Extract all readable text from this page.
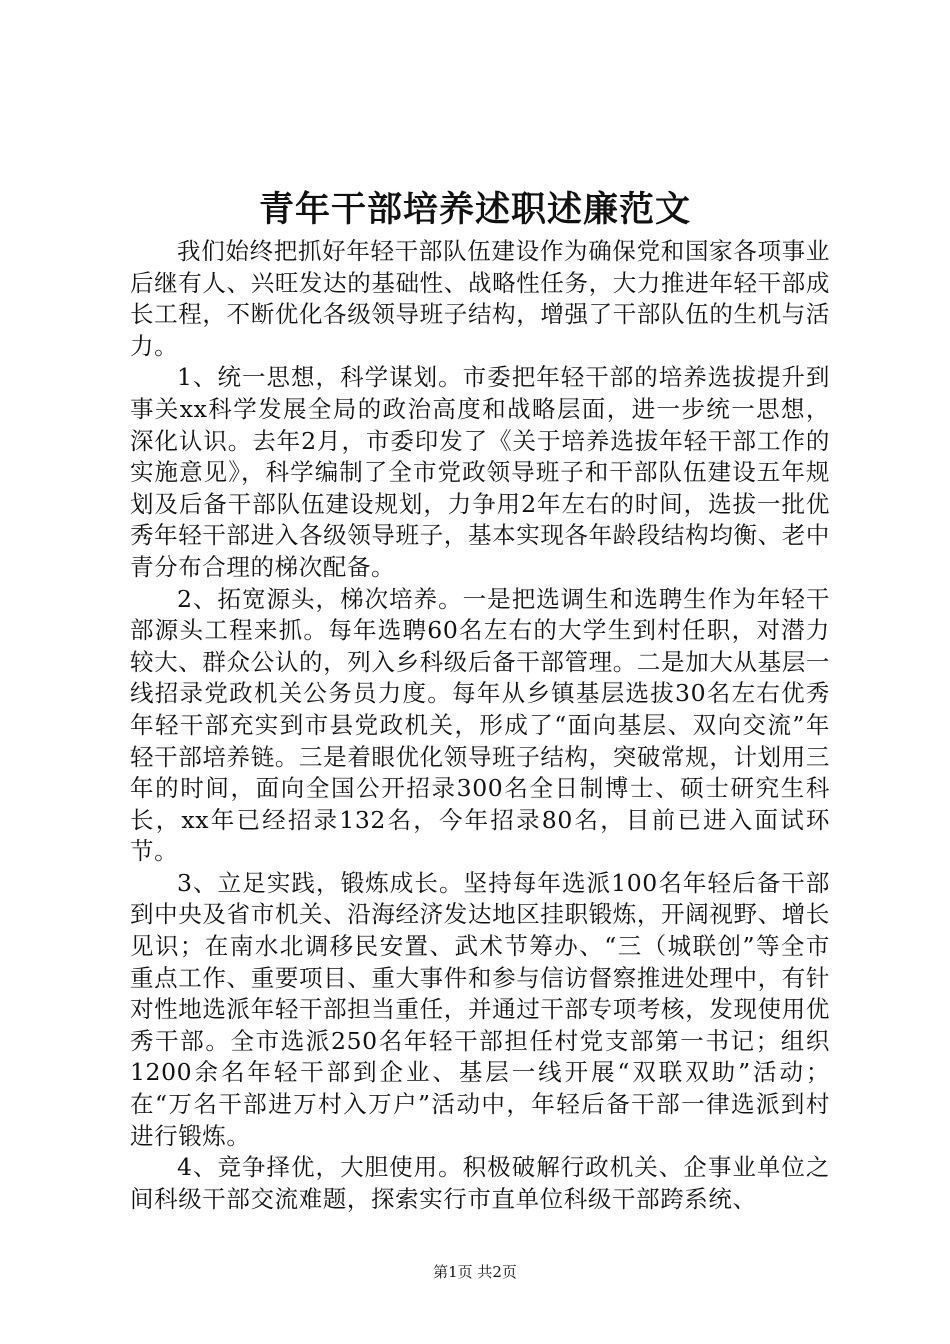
青年干部培养述职述廉范文

我们始终把抓好年轻干部队伍建设作为确保党和国家各项事业后继有人、兴旺发达的基础性、战略性任务，大力推进年轻干部成长工程，不断优化各级领导班子结构，增强了干部队伍的生机与活力。

1、统一思想，科学谋划。市委把年轻干部的培养选拔提升到事关xx科学发展全局的政治高度和战略层面，进一步统一思想，深化认识。去年2月，市委印发了《关于培养选拔年轻干部工作的实施意见》，科学编制了全市党政领导班子和干部队伍建设五年规划及后备干部队伍建设规划，力争用2年左右的时间，选拔一批优秀年轻干部进入各级领导班子，基本实现各年龄段结构均衡、老中青分布合理的梯次配备。

2、拓宽源头，梯次培养。一是把选调生和选聘生作为年轻干部源头工程来抓。每年选聘60名左右的大学生到村任职，对潜力较大、群众公认的，列入乡科级后备干部管理。二是加大从基层一线招录党政机关公务员力度。每年从乡镇基层选拔30名左右优秀年轻干部充实到市县党政机关，形成了“面向基层、双向交流”年轻干部培养链。三是着眼优化领导班子结构，突破常规，计划用三年的时间，面向全国公开招录300名全日制博士、硕士研究生科长，xx年已经招录132名，今年招录80名，目前已进入面试环节。

3、立足实践，锻炼成长。坚持每年选派100名年轻后备干部到中央及省市机关、沿海经济发达地区挂职锻炼，开阔视野、增长见识；在南水北调移民安置、武术节筹办、“三（城联创”等全市重点工作、重要项目、重大事件和参与信访督察推进处理中，有针对性地选派年轻干部担当重任，并通过干部专项考核，发现使用优秀干部。全市选派250名年轻干部担任村党支部第一书记；组织1200余名年轻干部到企业、基层一线开展“双联双助”活动；在“万名干部进万村入万户”活动中，年轻后备干部一律选派到村进行锻炼。

4、竞争择优，大胆使用。积极破解行政机关、企事业单位之间科级干部交流难题，探索实行市直单位科级干部跨系统、

第1页 共2页
